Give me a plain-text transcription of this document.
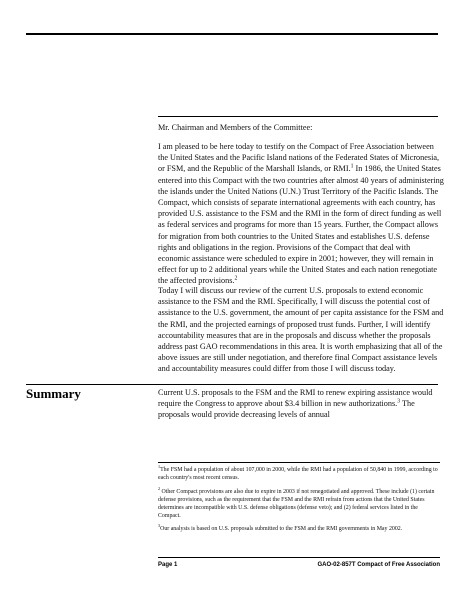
Mr. Chairman and Members of the Committee:

I am pleased to be here today to testify on the Compact of Free Association between the United States and the Pacific Island nations of the Federated States of Micronesia, or FSM, and the Republic of the Marshall Islands, or RMI.$^1$ In 1986, the United States entered into this Compact with the two countries after almost 40 years of administering the islands under the United Nations (U.N.) Trust Territory of the Pacific Islands. The Compact, which consists of separate international agreements with each country, has provided U.S. assistance to the FSM and the RMI in the form of direct funding as well as federal services and programs for more than 15 years. Further, the Compact allows for migration from both countries to the United States and establishes U.S. defense rights and obligations in the region. Provisions of the Compact that deal with economic assistance were scheduled to expire in 2001; however, they will remain in effect for up to 2 additional years while the United States and each nation renegotiate the affected provisions.$^2$

Today I will discuss our review of the current U.S. proposals to extend economic assistance to the FSM and the RMI. Specifically, I will discuss the potential cost of assistance to the U.S. government, the amount of per capita assistance for the FSM and the RMI, and the projected earnings of proposed trust funds. Further, I will identify accountability measures that are in the proposals and discuss whether the proposals address past GAO recommendations in this area. It is worth emphasizing that all of the above issues are still under negotiation, and therefore final Compact assistance levels and accountability measures could differ from those I will discuss today.

Summary	Current U.S. proposals to the FSM and the RMI to renew expiring assistance would require the Congress to approve about $3.4 billion in new authorizations.$^3$ The proposals would provide decreasing levels of annual

$^1$The FSM had a population of about 107,000 in 2000, while the RMI had a population of 50,840 in 1999, according to each country's most recent census.

$^2$ Other Compact provisions are also due to expire in 2003 if not renegotiated and approved. These include (1) certain defense provisions, such as the requirement that the FSM and the RMI refrain from actions that the United States determines are incompatible with U.S. defense obligations (defense veto); and (2) federal services listed in the Compact.

$^3$Our analysis is based on U.S. proposals submitted to the FSM and the RMI governments in May 2002.

Page 1	GAO-02-857T Compact of Free Association
